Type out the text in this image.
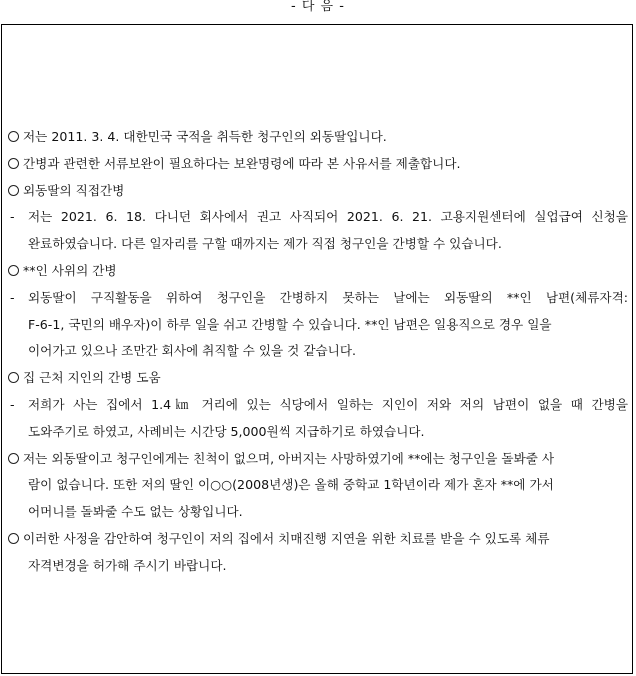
- 다 음 -
저는 2011. 3. 4. 대한민국 국적을 취득한 청구인의 외동딸입니다.
간병과 관련한 서류보완이 필요하다는 보완명령에 따라 본 사유서를 제출합니다.
외동딸의 직접간병
- 저는 2021. 6. 18. 다니던 회사에서 권고 사직되어 2021. 6. 21. 고용지원센터에 실업급여 신청을
완료하였습니다. 다른 일자리를 구할 때까지는 제가 직접 청구인을 간병할 수 있습니다.
**인 사위의 간병
- 외동딸이 구직활동을 위하여 청구인을 간병하지 못하는 날에는 외동딸의 **인 남편(체류자격:
F-6-1, 국민의 배우자)이 하루 일을 쉬고 간병할 수 있습니다. **인 남편은 일용직으로 경우 일을
이어가고 있으나 조만간 회사에 취직할 수 있을 것 같습니다.
집 근처 지인의 간병 도움
- 저희가 사는 집에서 1.4㎞ 거리에 있는 식당에서 일하는 지인이 저와 저의 남편이 없을 때 간병을
도와주기로 하였고, 사례비는 시간당 5,000원씩 지급하기로 하였습니다.
저는 외동딸이고 청구인에게는 친척이 없으며, 아버지는 사망하였기에 **에는 청구인을 돌봐줄 사
람이 없습니다. 또한 저의 딸인 이○○(2008년생)은 올해 중학교 1학년이라 제가 혼자 **에 가서
어머니를 돌봐줄 수도 없는 상황입니다.
이러한 사정을 감안하여 청구인이 저의 집에서 치매진행 지연을 위한 치료를 받을 수 있도록 체류
자격변경을 허가해 주시기 바랍니다.
